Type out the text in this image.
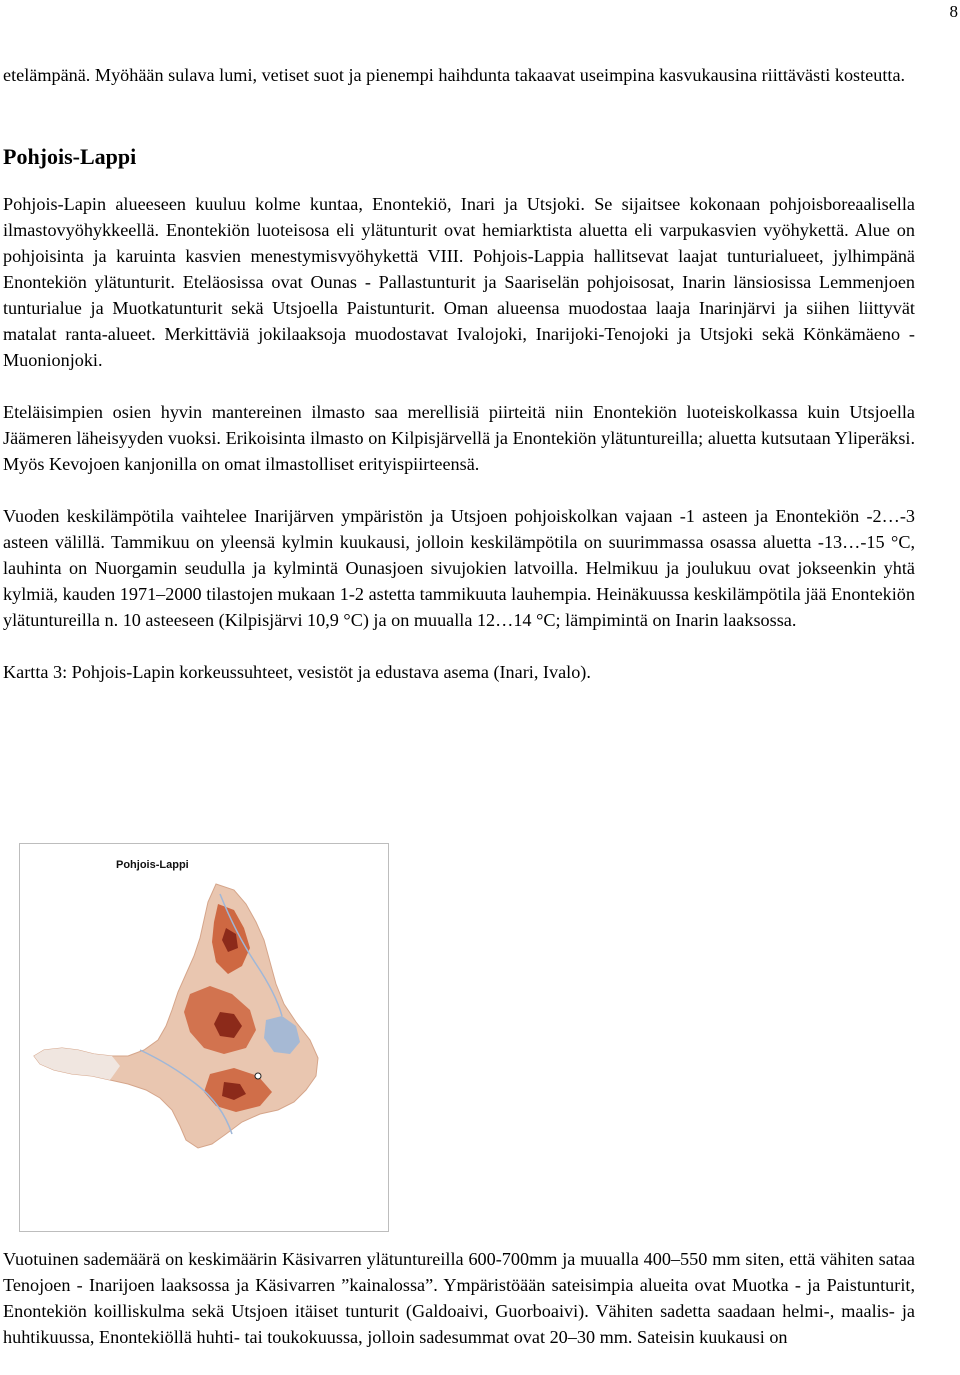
8

etelämpänä. Myöhään sulava lumi, vetiset suot ja pienempi haihdunta takaavat useimpina kasvukausina riittävästi kosteutta.

Pohjois-Lappi

Pohjois-Lapin alueeseen kuuluu kolme kuntaa, Enontekiö, Inari ja Utsjoki. Se sijaitsee kokonaan pohjoisboreaalisella ilmastovyöhykkeellä. Enontekiön luoteisosa eli ylätunturit ovat hemiarktista aluetta eli varpukasvien vyöhykettä. Alue on pohjoisinta ja karuinta kasvien menestymisvyöhykettä VIII. Pohjois-Lappia hallitsevat laajat tunturialueet, jylhimpänä Enontekiön ylätunturit. Eteläosissa ovat Ounas - Pallastunturit ja Saariselän pohjoisosat, Inarin länsiosissa Lemmenjoen tunturialue ja Muotkatunturit sekä Utsjoella Paistunturit. Oman alueensa muodostaa laaja Inarinjärvi ja siihen liittyvät matalat ranta-alueet. Merkittäviä jokilaaksoja muodostavat Ivalojoki, Inarijoki-Tenojoki ja Utsjoki sekä Könkämäeno - Muonionjoki.

Eteläisimpien osien hyvin mantereinen ilmasto saa merellisiä piirteitä niin Enontekiön luoteiskolkassa kuin Utsjoella Jäämeren läheisyyden vuoksi. Erikoisinta ilmasto on Kilpisjärvellä ja Enontekiön ylätuntureilla; aluetta kutsutaan Yliperäksi. Myös Kevojoen kanjonilla on omat ilmastolliset erityispiirteensä.

Vuoden keskilämpötila vaihtelee Inarijärven ympäristön ja Utsjoen pohjoiskolkan vajaan -1 asteen ja Enontekiön -2…-3 asteen välillä. Tammikuu on yleensä kylmin kuukausi, jolloin keskilämpötila on suurimmassa osassa aluetta -13…-15 °C, lauhinta on Nuorgamin seudulla ja kylmintä Ounasjoen sivujokien latvoilla. Helmikuu ja joulukuu ovat jokseenkin yhtä kylmiä, kauden 1971–2000 tilastojen mukaan 1-2 astetta tammikuuta lauhempia. Heinäkuussa keskilämpötila jää Enontekiön ylätuntureilla n. 10 asteeseen (Kilpisjärvi 10,9 °C) ja on muualla 12…14 °C; lämpimintä on Inarin laaksossa.

Kartta 3: Pohjois-Lapin korkeussuhteet, vesistöt ja edustava asema (Inari, Ivalo).

Pohjois-Lappi

Vuotuinen sademäärä on keskimäärin Käsivarren ylätuntureilla 600-700mm ja muualla 400–550 mm siten, että vähiten sataa Tenojoen - Inarijoen laaksossa ja Käsivarren ”kainalossa”. Ympäristöään sateisimpia alueita ovat Muotka - ja Paistunturit, Enontekiön koilliskulma sekä Utsjoen itäiset tunturit (Galdoaivi, Guorboaivi). Vähiten sadetta saadaan helmi-, maalis- ja huhtikuussa, Enontekiöllä huhti- tai toukokuussa, jolloin sadesummat ovat 20–30 mm. Sateisin kuukausi on
